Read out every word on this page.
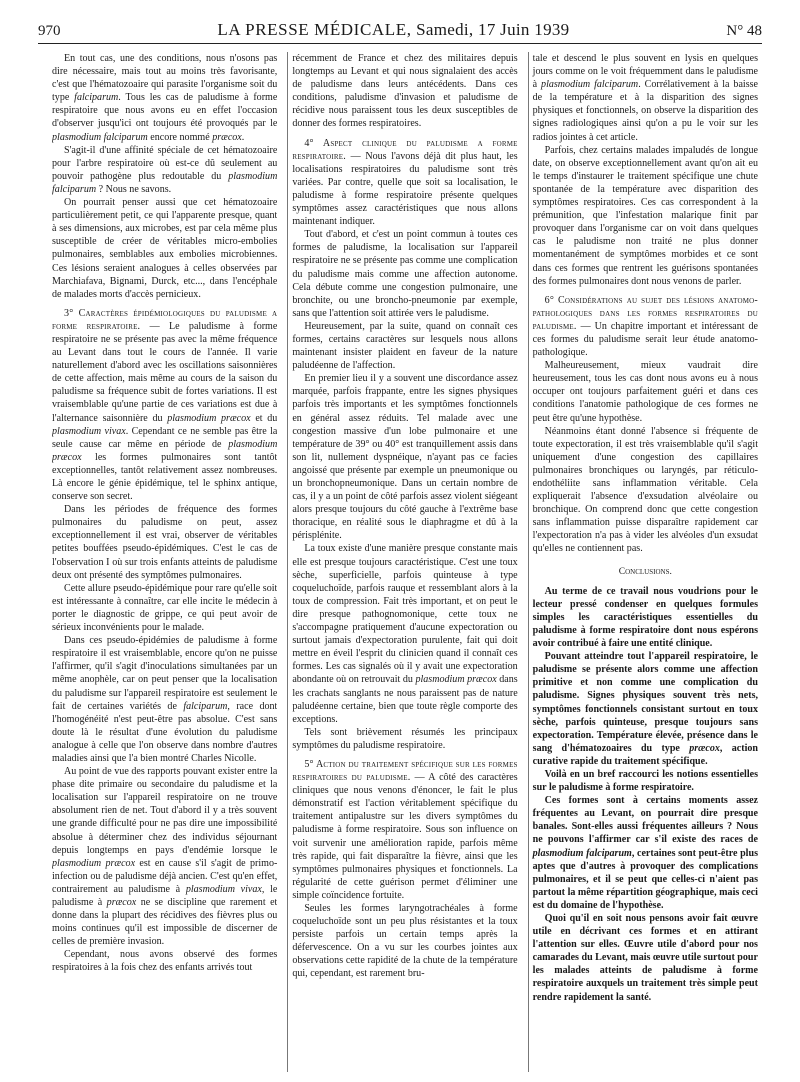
970	LA PRESSE MÉDICALE, Samedi, 17 Juin 1939	N° 48

En tout cas, une des conditions, nous n'osons pas dire nécessaire, mais tout au moins très favorisante, c'est que l'hématozoaire qui parasite l'organisme soit du type falciparum. Tous les cas de paludisme à forme respiratoire que nous avons eu en effet l'occasion d'observer jusqu'ici ont toujours été provoqués par le plasmodium falciparum encore nommé præcox.

S'agit-il d'une affinité spéciale de cet hématozoaire pour l'arbre respiratoire où est-ce dû seulement au pouvoir pathogène plus redoutable du plasmodium falciparum ? Nous ne savons.

On pourrait penser aussi que cet hématozoaire particulièrement petit, ce qui l'apparente presque, quant à ses dimensions, aux microbes, est par cela même plus susceptible de créer de véritables micro-embolies pulmonaires, semblables aux embolies microbiennes. Ces lésions seraient analogues à celles observées par Marchiafava, Bignami, Durck, etc..., dans l'encéphale de malades morts d'accès pernicieux.

3° Caractères épidémiologiques du paludisme a forme respiratoire. — Le paludisme à forme respiratoire ne se présente pas avec la même fréquence au Levant dans tout le cours de l'année. Il varie naturellement d'abord avec les oscillations saisonnières de cette affection, mais même au cours de la saison du paludisme sa fréquence subit de fortes variations. Il est vraisemblable qu'une partie de ces variations est due à l'alternance saisonnière du plasmodium præcox et du plasmodium vivax. Cependant ce ne semble pas être la seule cause car même en période de plasmodium præcox les formes pulmonaires sont tantôt exceptionnelles, tantôt relativement assez nombreuses. Là encore le génie épidémique, tel le sphinx antique, conserve son secret.

Dans les périodes de fréquence des formes pulmonaires du paludisme on peut, assez exceptionnellement il est vrai, observer de véritables petites bouffées pseudo-épidémiques. C'est le cas de l'observation I où sur trois enfants atteints de paludisme deux ont présenté des symptômes pulmonaires.

Cette allure pseudo-épidémique pour rare qu'elle soit est intéressante à connaître, car elle incite le médecin à porter le diagnostic de grippe, ce qui peut avoir de sérieux inconvénients pour le malade.

Dans ces pseudo-épidémies de paludisme à forme respiratoire il est vraisemblable, encore qu'on ne puisse l'affirmer, qu'il s'agit d'inoculations simultanées par un même anophèle, car on peut penser que la localisation du paludisme sur l'appareil respiratoire est seulement le fait de certaines variétés de falciparum, race dont l'homogénéité n'est peut-être pas absolue. C'est sans doute là le résultat d'une évolution du paludisme analogue à celle que l'on observe dans nombre d'autres maladies ainsi que l'a bien montré Charles Nicolle.

Au point de vue des rapports pouvant exister entre la phase dite primaire ou secondaire du paludisme et la localisation sur l'appareil respiratoire on ne trouve absolument rien de net. Tout d'abord il y a très souvent une grande difficulté pour ne pas dire une impossibilité absolue à déterminer chez des individus séjournant depuis longtemps en pays d'endémie lorsque le plasmodium præcox est en cause s'il s'agit de primo-infection ou de paludisme déjà ancien. C'est qu'en effet, contrairement au paludisme à plasmodium vivax, le paludisme à præcox ne se discipline que rarement et donne dans la plupart des récidives des fièvres plus ou moins continues qu'il est impossible de discerner de celles de première invasion.

Cependant, nous avons observé des formes respiratoires à la fois chez des enfants arrivés tout

récemment de France et chez des militaires depuis longtemps au Levant et qui nous signalaient des accès de paludisme dans leurs antécédents. Dans ces conditions, paludisme d'invasion et paludisme de récidive nous paraissent tous les deux susceptibles de donner des formes respiratoires.

4° Aspect clinique du paludisme a forme respiratoire. — Nous l'avons déjà dit plus haut, les localisations respiratoires du paludisme sont très variées. Par contre, quelle que soit sa localisation, le paludisme à forme respiratoire présente quelques symptômes assez caractéristiques que nous allons maintenant indiquer.

Tout d'abord, et c'est un point commun à toutes ces formes de paludisme, la localisation sur l'appareil respiratoire ne se présente pas comme une complication du paludisme mais comme une affection autonome. Cela débute comme une congestion pulmonaire, une bronchite, ou une broncho-pneumonie par exemple, sans que l'attention soit attirée vers le paludisme.

Heureusement, par la suite, quand on connaît ces formes, certains caractères sur lesquels nous allons maintenant insister plaident en faveur de la nature paludéenne de l'affection.

En premier lieu il y a souvent une discordance assez marquée, parfois frappante, entre les signes physiques parfois très importants et les symptômes fonctionnels en général assez réduits. Tel malade avec une congestion massive d'un lobe pulmonaire et une température de 39° ou 40° est tranquillement assis dans son lit, nullement dyspnéique, n'ayant pas ce facies angoissé que présente par exemple un pneumonique ou un bronchopneumonique. Dans un certain nombre de cas, il y a un point de côté parfois assez violent siégeant alors presque toujours du côté gauche à l'extrême base thoracique, en réalité sous le diaphragme et dû à la périsplénite.

La toux existe d'une manière presque constante mais elle est presque toujours caractéristique. C'est une toux sèche, superficielle, parfois quinteuse à type coqueluchoïde, parfois rauque et ressemblant alors à la toux de compression. Fait très important, et on peut le dire presque pathognomonique, cette toux ne s'accompagne pratiquement d'aucune expectoration ou surtout jamais d'expectoration purulente, fait qui doit mettre en éveil l'esprit du clinicien quand il connaît ces formes. Les cas signalés où il y avait une expectoration abondante où on retrouvait du plasmodium præcox dans les crachats sanglants ne nous paraissent pas de nature paludéenne certaine, bien que toute règle comporte des exceptions.

Tels sont brièvement résumés les principaux symptômes du paludisme respiratoire.

5° Action du traitement spécifique sur les formes respiratoires du paludisme. — A côté des caractères cliniques que nous venons d'énoncer, le fait le plus démonstratif est l'action véritablement spécifique du traitement antipalustre sur les divers symptômes du paludisme à forme respiratoire. Sous son influence on voit survenir une amélioration rapide, parfois même très rapide, qui fait disparaître la fièvre, ainsi que les symptômes pulmonaires physiques et fonctionnels. La régularité de cette guérison permet d'éliminer une simple coïncidence fortuite.

Seules les formes laryngotrachéales à forme coqueluchoïde sont un peu plus résistantes et la toux persiste parfois un certain temps après la défervescence. On a vu sur les courbes jointes aux observations cette rapidité de la chute de la température qui, cependant, est rarement bru-

tale et descend le plus souvent en lysis en quelques jours comme on le voit fréquemment dans le paludisme à plasmodium falciparum. Corrélativement à la baisse de la température et à la disparition des signes physiques et fonctionnels, on observe la disparition des signes radiologiques ainsi qu'on a pu le voir sur les radios jointes à cet article.

Parfois, chez certains malades impaludés de longue date, on observe exceptionnellement avant qu'on ait eu le temps d'instaurer le traitement spécifique une chute spontanée de la température avec disparition des symptômes respiratoires. Ces cas correspondent à la prémunition, que l'infestation malarique finit par provoquer dans l'organisme car on voit dans quelques cas le paludisme non traité ne plus donner momentanément de symptômes morbides et ce sont dans ces formes que rentrent les guérisons spontanées des formes pulmonaires dont nous venons de parler.

6° Considérations au sujet des lésions anatomo-pathologiques dans les formes respiratoires du paludisme. — Un chapitre important et intéressant de ces formes du paludisme serait leur étude anatomo-pathologique.

Malheureusement, mieux vaudrait dire heureusement, tous les cas dont nous avons eu à nous occuper ont toujours parfaitement guéri et dans ces conditions l'anatomie pathologique de ces formes ne peut être qu'une hypothèse.

Néanmoins étant donné l'absence si fréquente de toute expectoration, il est très vraisemblable qu'il s'agit uniquement d'une congestion des capillaires pulmonaires bronchiques ou laryngés, par réticulo-endothéliite sans inflammation véritable. Cela expliquerait l'absence d'exsudation alvéolaire ou bronchique. On comprend donc que cette congestion sans inflammation puisse disparaître rapidement car l'expectoration n'a pas à vider les alvéoles d'un exsudat qu'elles ne contiennent pas.

Conclusions.

Au terme de ce travail nous voudrions pour le lecteur pressé condenser en quelques formules simples les caractéristiques essentielles du paludisme à forme respiratoire dont nous espérons avoir contribué à faire une entité clinique.

Pouvant atteindre tout l'appareil respiratoire, le paludisme se présente alors comme une affection primitive et non comme une complication du paludisme. Signes physiques souvent très nets, symptômes fonctionnels consistant surtout en toux sèche, parfois quinteuse, presque toujours sans expectoration. Température élevée, présence dans le sang d'hématozoaires du type præcox, action curative rapide du traitement spécifique.

Voilà en un bref raccourci les notions essentielles sur le paludisme à forme respiratoire.

Ces formes sont à certains moments assez fréquentes au Levant, on pourrait dire presque banales. Sont-elles aussi fréquentes ailleurs ? Nous ne pouvons l'affirmer car s'il existe des races de plasmodium falciparum, certaines sont peut-être plus aptes que d'autres à provoquer des complications pulmonaires, et il se peut que celles-ci n'aient pas partout la même répartition géographique, mais ceci est du domaine de l'hypothèse.

Quoi qu'il en soit nous pensons avoir fait œuvre utile en décrivant ces formes et en attirant l'attention sur elles. Œuvre utile d'abord pour nos camarades du Levant, mais œuvre utile surtout pour les malades atteints de paludisme à forme respiratoire auxquels un traitement très simple peut rendre rapidement la santé.
